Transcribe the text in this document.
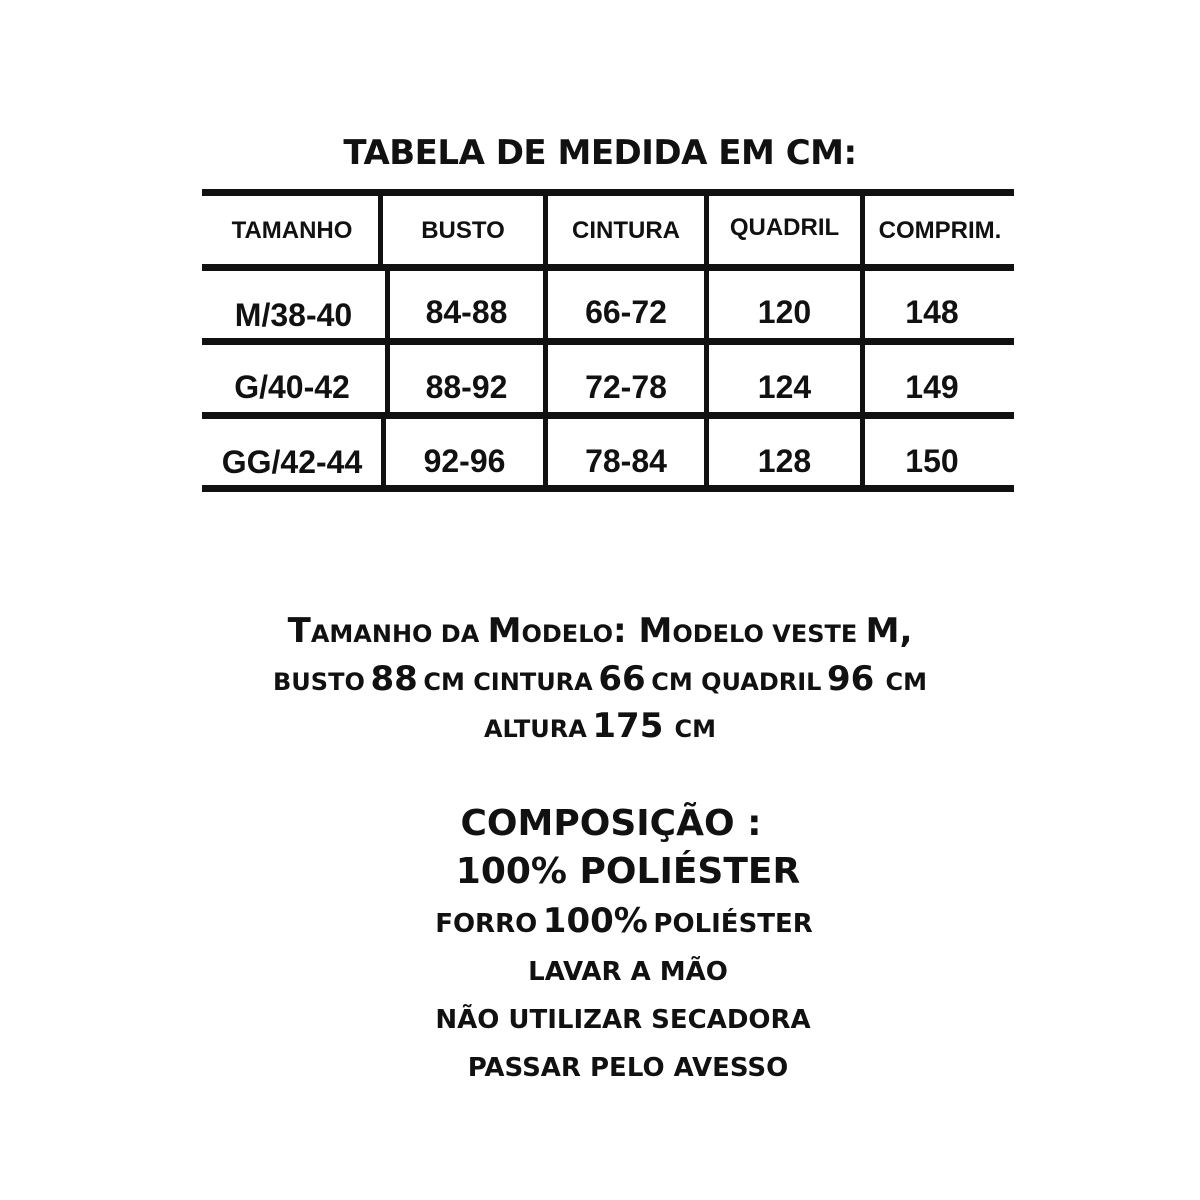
TABELA DE MEDIDA EM CM:
TAMANHO	BUSTO	CINTURA	QUADRIL	COMPRIM.
M/38-40	84-88	66-72	120	148
G/40-42	88-92	72-78	124	149
GG/42-44	92-96	78-84	128	150
TAMANHO DA MODELO: MODELO VESTE M,
BUSTO 88 CM CINTURA 66 CM QUADRIL 96 CM
ALTURA 175 CM
COMPOSIÇÃO :
100% POLIÉSTER
FORRO 100% POLIÉSTER
LAVAR A MÃO
NÃO UTILIZAR SECADORA
PASSAR PELO AVESSO
